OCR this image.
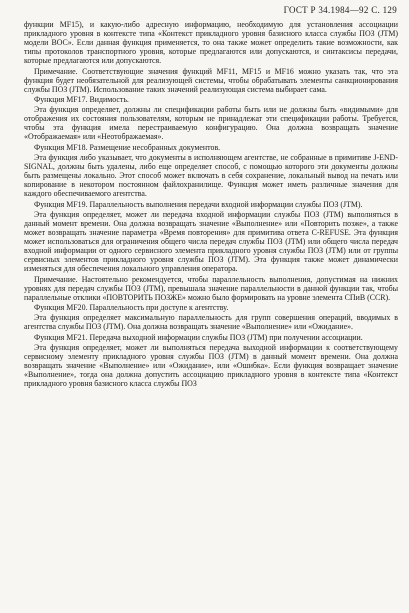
ГОСТ Р 34.1984—92 С. 129

функции MF15), и какую-либо адресную информацию, необходимую для установления ассоциации прикладного уровня в контексте типа «Контекст прикладного уровня базисного класса службы ПОЗ (JTM) модели ВОС». Если данная функция применяется, то она также может определить такие возможности, как типы протоколов транспортного уровня, которые предлагаются или допускаются, и синтаксисы передачи, которые предлагаются или допускаются.

Примечание. Соответствующие значения функций MF11, MF15 и MF16 можно указать так, что эта функция будет необязательной для реализующей системы, чтобы обрабатывать элементы санкционирования службы ПОЗ (JTM). Использование таких значений реализующая система выбирает сама.

Функция MF17. Видимость.

Эта функция определяет, должны ли спецификации работы быть или не должны быть «видимыми» для отображения их состояния пользователям, которым не принадлежат эти спецификации работы. Требуется, чтобы эта функция имела перестраиваемую конфигурацию. Она должна возвращать значение «Отображаемая» или «Неотображаемая».

Функция MF18. Размещение несобранных документов.

Эта функция либо указывает, что документы в исполняющем агентстве, не собранные в примитиве J-END-SIGNAL, должны быть удалены, либо еще определяет способ, с помощью которого эти документы должны быть размещены локально. Этот способ может включать в себя сохранение, локальный вывод на печать или копирование в некотором постоянном файлохранилище. Функция может иметь различные значения для каждого обеспечиваемого агентства.

Функция MF19. Параллельность выполнения передачи входной информации службы ПОЗ (JTM).

Эта функция определяет, может ли передача входной информации службы ПОЗ (JTM) выполняться в данный момент времени. Она должна возвращать значение «Выполнение» или «Повторить позже», а также может возвращать значение параметра «Время повторения» для примитива ответа C-REFUSE. Эта функция может использоваться для ограничения общего числа передач службы ПОЗ (JTM) или общего числа передач входной информации от одного сервисного элемента прикладного уровня службы ПОЗ (JTM) или от группы сервисных элементов прикладного уровня службы ПОЗ (JTM). Эта функция также может динамически изменяться для обеспечения локального управления оператора.

Примечание. Настоятельно рекомендуется, чтобы параллельность выполнения, допустимая на нижних уровнях для передач службы ПОЗ (JTM), превышала значение параллельности в данной функции так, чтобы параллельные отклики «ПОВТОРИТЬ ПОЗЖЕ» можно было формировать на уровне элемента СПиВ (CCR).

Функция MF20. Параллельность при доступе к агентству.

Эта функция определяет максимальную параллельность для групп совершения операций, вводимых в агентства службы ПОЗ (JTM). Она должна возвращать значение «Выполнение» или «Ожидание».

Функция MF21. Передача выходной информации службы ПОЗ (JTM) при получении ассоциации.

Эта функция определяет, может ли выполняться передача выходной информации к соответствующему сервисному элементу прикладного уровня службы ПОЗ (JTM) в данный момент времени. Она должна возвращать значение «Выполнение» или «Ожидание», или «Ошибка». Если функция возвращает значение «Выполнение», тогда она должна допустить ассоциацию прикладного уровня в контексте типа «Контекст прикладного уровня базисного класса службы ПОЗ
